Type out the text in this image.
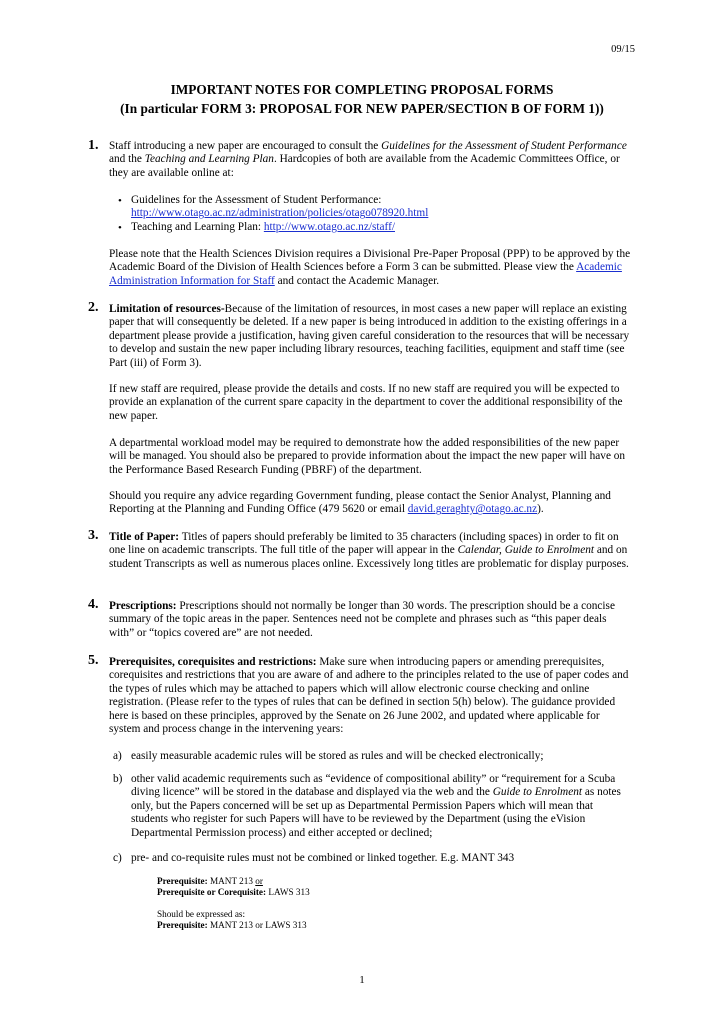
09/15
IMPORTANT NOTES FOR COMPLETING PROPOSAL FORMS
(In particular FORM 3: PROPOSAL FOR NEW PAPER/SECTION B OF FORM 1))
1. Staff introducing a new paper are encouraged to consult the Guidelines for the Assessment of Student Performance and the Teaching and Learning Plan. Hardcopies of both are available from the Academic Committees Office, or they are available online at:

• Guidelines for the Assessment of Student Performance:
http://www.otago.ac.nz/administration/policies/otago078920.html
• Teaching and Learning Plan: http://www.otago.ac.nz/staff/

Please note that the Health Sciences Division requires a Divisional Pre-Paper Proposal (PPP) to be approved by the Academic Board of the Division of Health Sciences before a Form 3 can be submitted. Please view the Academic Administration Information for Staff and contact the Academic Manager.

2. Limitation of resources-Because of the limitation of resources, in most cases a new paper will replace an existing paper that will consequently be deleted. If a new paper is being introduced in addition to the existing offerings in a department please provide a justification, having given careful consideration to the resources that will be necessary to develop and sustain the new paper including library resources, teaching facilities, equipment and staff time (see Part (iii) of Form 3).

If new staff are required, please provide the details and costs. If no new staff are required you will be expected to provide an explanation of the current spare capacity in the department to cover the additional responsibility of the new paper.

A departmental workload model may be required to demonstrate how the added responsibilities of the new paper will be managed. You should also be prepared to provide information about the impact the new paper will have on the Performance Based Research Funding (PBRF) of the department.

Should you require any advice regarding Government funding, please contact the Senior Analyst, Planning and Reporting at the Planning and Funding Office (479 5620 or email david.geraghty@otago.ac.nz).

3. Title of Paper: Titles of papers should preferably be limited to 35 characters (including spaces) in order to fit on one line on academic transcripts. The full title of the paper will appear in the Calendar, Guide to Enrolment and on student Transcripts as well as numerous places online. Excessively long titles are problematic for display purposes.

4. Prescriptions: Prescriptions should not normally be longer than 30 words. The prescription should be a concise summary of the topic areas in the paper. Sentences need not be complete and phrases such as “this paper deals with” or “topics covered are” are not needed.

5. Prerequisites, corequisites and restrictions: Make sure when introducing papers or amending prerequisites, corequisites and restrictions that you are aware of and adhere to the principles related to the use of paper codes and the types of rules which may be attached to papers which will allow electronic course checking and online registration. (Please refer to the types of rules that can be defined in section 5(h) below). The guidance provided here is based on these principles, approved by the Senate on 26 June 2002, and updated where applicable for system and process change in the intervening years:

a) easily measurable academic rules will be stored as rules and will be checked electronically;
b) other valid academic requirements such as “evidence of compositional ability” or “requirement for a Scuba diving licence” will be stored in the database and displayed via the web and the Guide to Enrolment as notes only, but the Papers concerned will be set up as Departmental Permission Papers which will mean that students who register for such Papers will have to be reviewed by the Department (using the eVision Departmental Permission process) and either accepted or declined;
c) pre- and co-requisite rules must not be combined or linked together. E.g. MANT 343
Prerequisite: MANT 213 or
Prerequisite or Corequisite: LAWS 313
Should be expressed as:
Prerequisite: MANT 213 or LAWS 313
1
